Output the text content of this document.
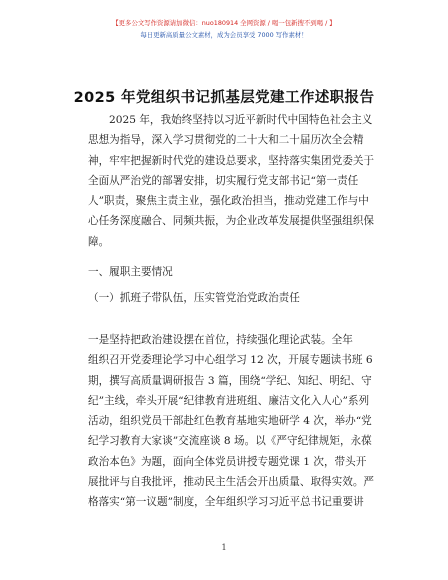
【更多公文写作资源请加微信：nuo180914 全网资源 / 喝一包新搜不到喝 / 】
每日更新高质量公文素材，成为会员享受 7000 写作素材！
2025 年党组织书记抓基层党建工作述职报告
2025 年，我始终坚持以习近平新时代中国特色社会主义
思想为指导，深入学习贯彻党的二十大和二十届历次全会精
神，牢牢把握新时代党的建设总要求，坚持落实集团党委关于
全面从严治党的部署安排，切实履行党支部书记“第一责任
人”职责，聚焦主责主业，强化政治担当，推动党建工作与中
心任务深度融合、同频共振，为企业改革发展提供坚强组织保
障。
一、履职主要情况
（一）抓班子带队伍，压实管党治党政治责任
一是坚持把政治建设摆在首位，持续强化理论武装。全年
组织召开党委理论学习中心组学习 12 次，开展专题读书班 6
期，撰写高质量调研报告 3 篇，围绕“学纪、知纪、明纪、守
纪”主线，牵头开展“纪律教育进班组、廉洁文化入人心”系列
活动，组织党员干部赴红色教育基地实地研学 4 次，举办“党
纪学习教育大家谈”交流座谈 8 场。以《严守纪律规矩，永葆
政治本色》为题，面向全体党员讲授专题党课 1 次，带头开
展批评与自我批评，推动民主生活会开出质量、取得实效。严
格落实“第一议题”制度，全年组织学习习近平总书记重要讲
1
